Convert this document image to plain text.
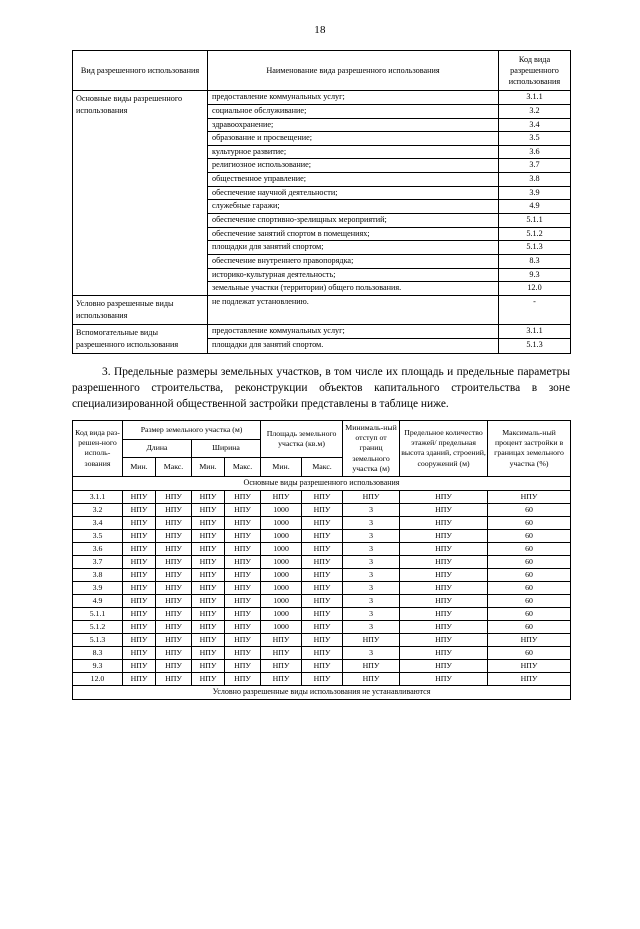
18
Вид разрешенного использования	Наименование вида разрешенного использования	Код вида разрешенного использования
Основные виды разрешенного использования	предоставление коммунальных услуг;	3.1.1
	социальное обслуживание;	3.2
	здравоохранение;	3.4
	образование и просвещение;	3.5
	культурное развитие;	3.6
	религиозное использование;	3.7
	общественное управление;	3.8
	обеспечение научной деятельности;	3.9
	служебные гаражи;	4.9
	обеспечение спортивно-зрелищных мероприятий;	5.1.1
	обеспечение занятий спортом в помещениях;	5.1.2
	площадки для занятий спортом;	5.1.3
	обеспечение внутреннего правопорядка;	8.3
	историко-культурная деятельность;	9.3
	земельные участки (территории) общего пользования.	12.0
Условно разрешенные виды использования	не подлежат установлению.	-
Вспомогательные виды разрешенного использования	предоставление коммунальных услуг;	3.1.1
	площадки для занятий спортом.	5.1.3

3. Предельные размеры земельных участков, в том числе их площадь и предельные параметры разрешенного строительства, реконструкции объектов капитального строительства в зоне специализированной общественной застройки представлены в таблице ниже.

Код вида раз-решен-ного исполь-зования	Размер земельного участка (м)				Площадь земельного участка (кв.м)		Минималь-ный отступ от границ земельного участка (м)	Предельное количество этажей/ предельная высота зданий, строений, сооружений (м)	Максималь-ный процент застройки в границах земельного участка (%)
	Длина		Ширина						
	Мин.	Макс.	Мин.	Макс.	Мин.	Макс.			
Основные виды разрешенного использования									
3.1.1	НПУ	НПУ	НПУ	НПУ	НПУ	НПУ	НПУ	НПУ	НПУ
3.2	НПУ	НПУ	НПУ	НПУ	1000	НПУ	3	НПУ	60
3.4	НПУ	НПУ	НПУ	НПУ	1000	НПУ	3	НПУ	60
3.5	НПУ	НПУ	НПУ	НПУ	1000	НПУ	3	НПУ	60
3.6	НПУ	НПУ	НПУ	НПУ	1000	НПУ	3	НПУ	60
3.7	НПУ	НПУ	НПУ	НПУ	1000	НПУ	3	НПУ	60
3.8	НПУ	НПУ	НПУ	НПУ	1000	НПУ	3	НПУ	60
3.9	НПУ	НПУ	НПУ	НПУ	1000	НПУ	3	НПУ	60
4.9	НПУ	НПУ	НПУ	НПУ	1000	НПУ	3	НПУ	60
5.1.1	НПУ	НПУ	НПУ	НПУ	1000	НПУ	3	НПУ	60
5.1.2	НПУ	НПУ	НПУ	НПУ	1000	НПУ	3	НПУ	60
5.1.3	НПУ	НПУ	НПУ	НПУ	НПУ	НПУ	НПУ	НПУ	НПУ
8.3	НПУ	НПУ	НПУ	НПУ	НПУ	НПУ	3	НПУ	60
9.3	НПУ	НПУ	НПУ	НПУ	НПУ	НПУ	НПУ	НПУ	НПУ
12.0	НПУ	НПУ	НПУ	НПУ	НПУ	НПУ	НПУ	НПУ	НПУ
Условно разрешенные виды использования не устанавливаются									
